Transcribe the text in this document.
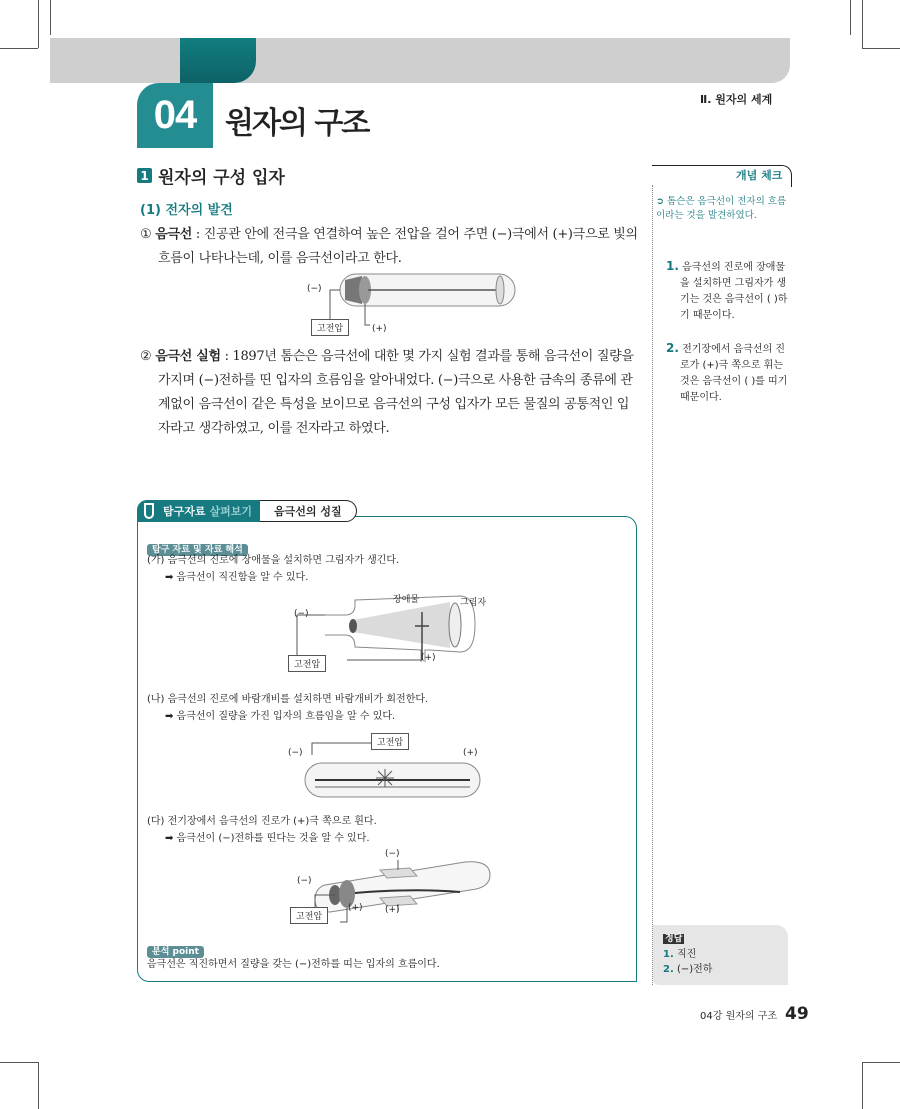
04 원자의 구조
Ⅱ. 원자의 세계
1 원자의 구성 입자
(1) 전자의 발견
① 음극선 : 진공관 안에 전극을 연결하여 높은 전압을 걸어 주면 (−)극에서 (+)극으로 빛의 흐름이 나타나는데, 이를 음극선이라고 한다.
(−)
고전압	(+)
② 음극선 실험 : 1897년 톰슨은 음극선에 대한 몇 가지 실험 결과를 통해 음극선이 질량을 가지며 (−)전하를 띤 입자의 흐름임을 알아내었다. (−)극으로 사용한 금속의 종류에 관계없이 음극선이 같은 특성을 보이므로 음극선의 구성 입자가 모든 물질의 공통적인 입자라고 생각하였고, 이를 전자라고 하였다.
개념 체크
➲ 톰슨은 음극선이 전자의 흐름이라는 것을 발견하였다.
1. 음극선의 진로에 장애물을 설치하면 그림자가 생기는 것은 음극선이 ( )하기 때문이다.
2. 전기장에서 음극선의 진로가 (+)극 쪽으로 휘는 것은 음극선이 ( )를 띠기 때문이다.
정답
1. 직진
2. (−)전하
탐구자료 살펴보기	음극선의 성질
탐구 자료 및 자료 해석
(가) 음극선의 진로에 장애물을 설치하면 그림자가 생긴다.
➡ 음극선이 직진함을 알 수 있다.
(−)
고전압
(+)
장애물	그림자
(나) 음극선의 진로에 바람개비를 설치하면 바람개비가 회전한다.
➡ 음극선이 질량을 가진 입자의 흐름임을 알 수 있다.
고전압
(−)	(+)
(다) 전기장에서 음극선의 진로가 (+)극 쪽으로 휜다.
➡ 음극선이 (−)전하를 띤다는 것을 알 수 있다.
(−)
(−)
고전압
(+) (+)
분석 point
음극선은 직진하면서 질량을 갖는 (−)전하를 띠는 입자의 흐름이다.
04강 원자의 구조 49
